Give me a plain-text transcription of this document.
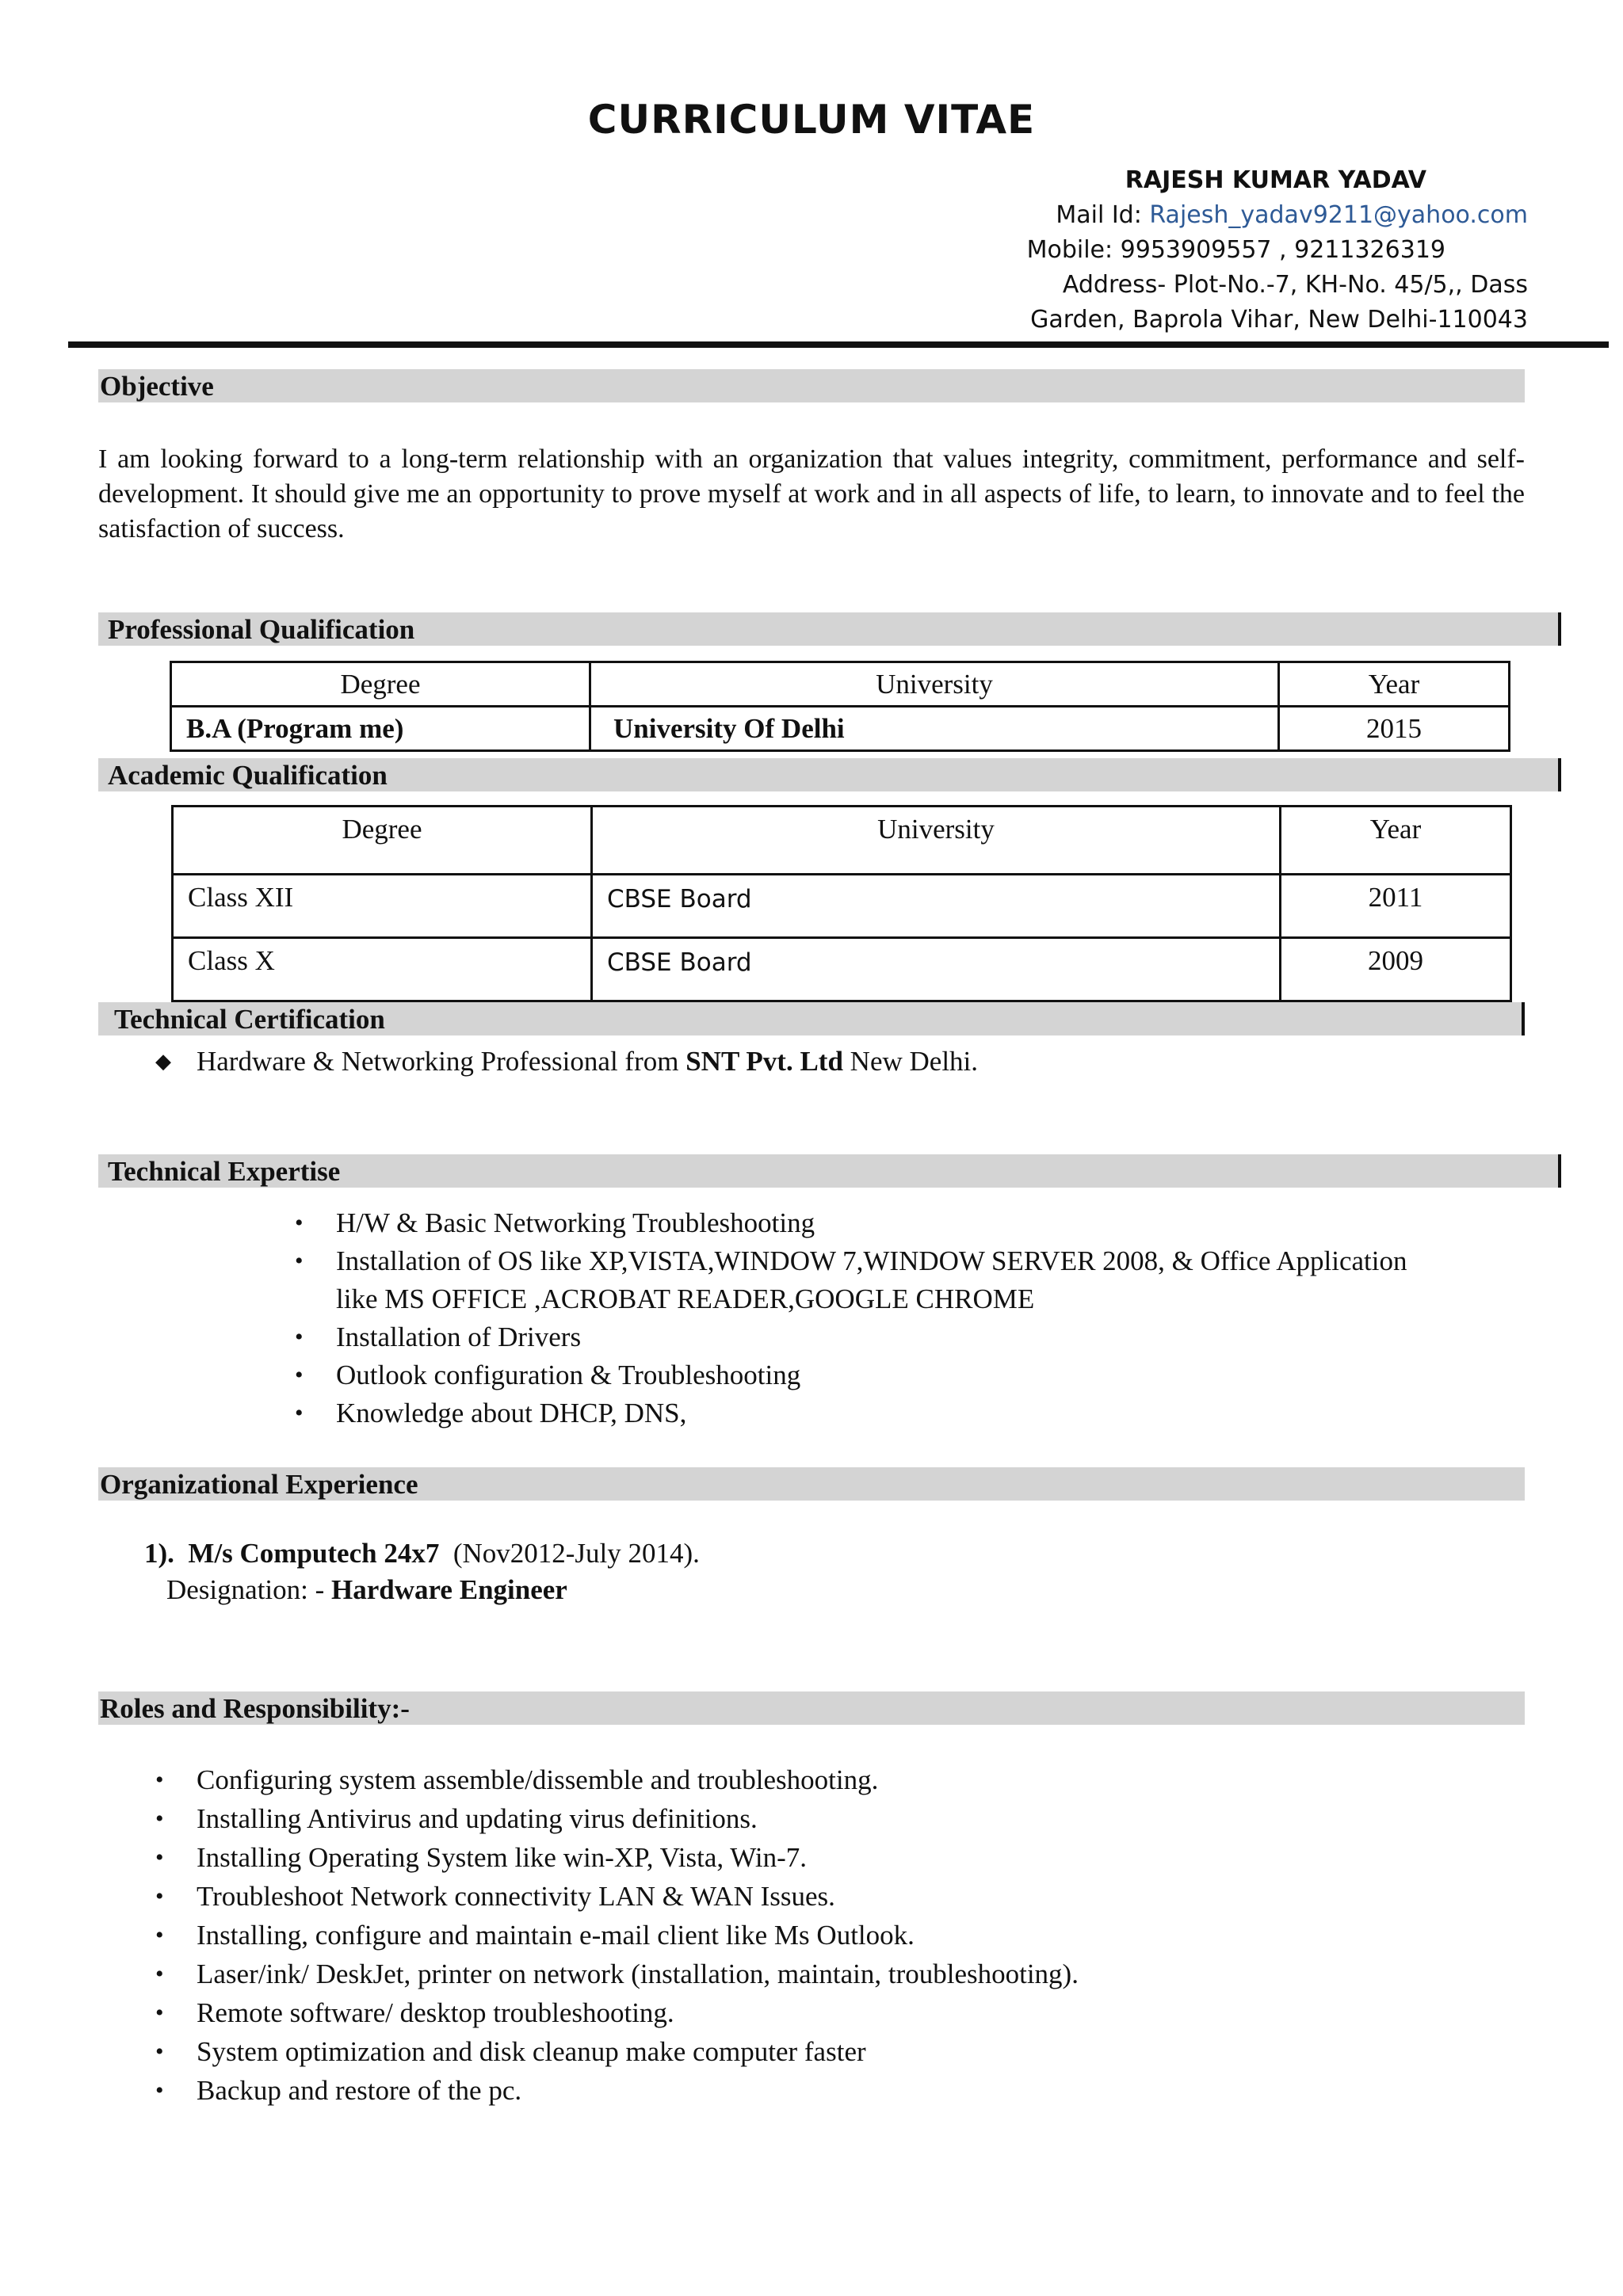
CURRICULUM VITAE
RAJESH KUMAR YADAV
Mail Id: Rajesh_yadav9211@yahoo.com
Mobile: 9953909557 , 9211326319
Address- Plot-No.-7, KH-No. 45/5,, Dass
Garden, Baprola Vihar, New Delhi-110043
Objective
I am looking forward to a long-term relationship with an organization that values integrity, commitment, performance and self-development. It should give me an opportunity to prove myself at work and in all aspects of life, to learn, to innovate and to feel the satisfaction of success.
Professional Qualification
Degree	University	Year
B.A (Program me)	University Of Delhi	2015
Academic Qualification
Degree	University	Year
Class XII	CBSE Board	2011
Class X	CBSE Board	2009
Technical Certification
◆ Hardware & Networking Professional from SNT Pvt. Ltd New Delhi.
Technical Expertise
• H/W & Basic Networking Troubleshooting
• Installation of OS like XP,VISTA,WINDOW 7,WINDOW SERVER 2008, & Office Application
like MS OFFICE ,ACROBAT READER,GOOGLE CHROME
• Installation of Drivers
• Outlook configuration & Troubleshooting
• Knowledge about DHCP, DNS,
Organizational Experience
1). M/s Computech 24x7 (Nov2012-July 2014).
Designation: - Hardware Engineer
Roles and Responsibility:-
• Configuring system assemble/dissemble and troubleshooting.
• Installing Antivirus and updating virus definitions.
• Installing Operating System like win-XP, Vista, Win-7.
• Troubleshoot Network connectivity LAN & WAN Issues.
• Installing, configure and maintain e-mail client like Ms Outlook.
• Laser/ink/ DeskJet, printer on network (installation, maintain, troubleshooting).
• Remote software/ desktop troubleshooting.
• System optimization and disk cleanup make computer faster
• Backup and restore of the pc.
